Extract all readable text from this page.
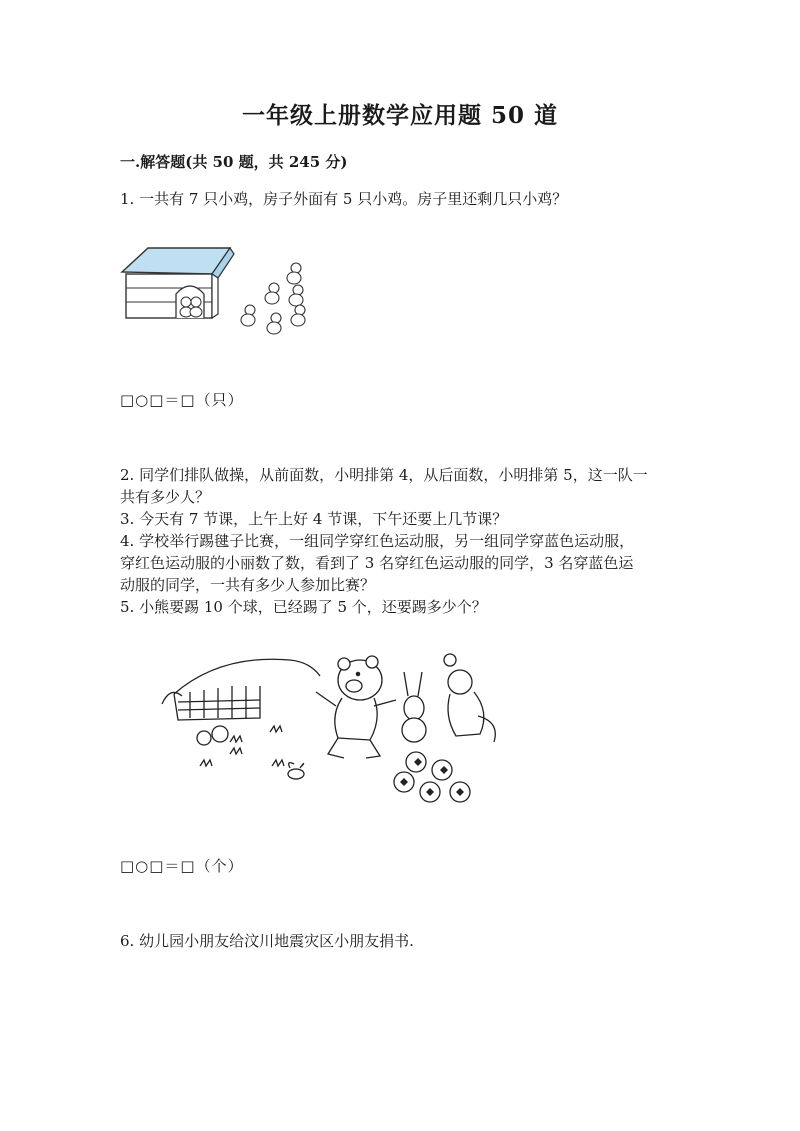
一年级上册数学应用题 50 道
一.解答题(共 50 题，共 245 分)
1. 一共有 7 只小鸡，房子外面有 5 只小鸡。房子里还剩几只小鸡？
□○□＝□（只）
2. 同学们排队做操，从前面数，小明排第 4，从后面数，小明排第 5，这一队一
共有多少人？
3. 今天有 7 节课，上午上好 4 节课，下午还要上几节课？
4. 学校举行踢毽子比赛，一组同学穿红色运动服，另一组同学穿蓝色运动服，
穿红色运动服的小丽数了数，看到了 3 名穿红色运动服的同学，3 名穿蓝色运
动服的同学，一共有多少人参加比赛？
5. 小熊要踢 10 个球，已经踢了 5 个，还要踢多少个？
□○□＝□（个）
6. 幼儿园小朋友给汶川地震灾区小朋友捐书.
